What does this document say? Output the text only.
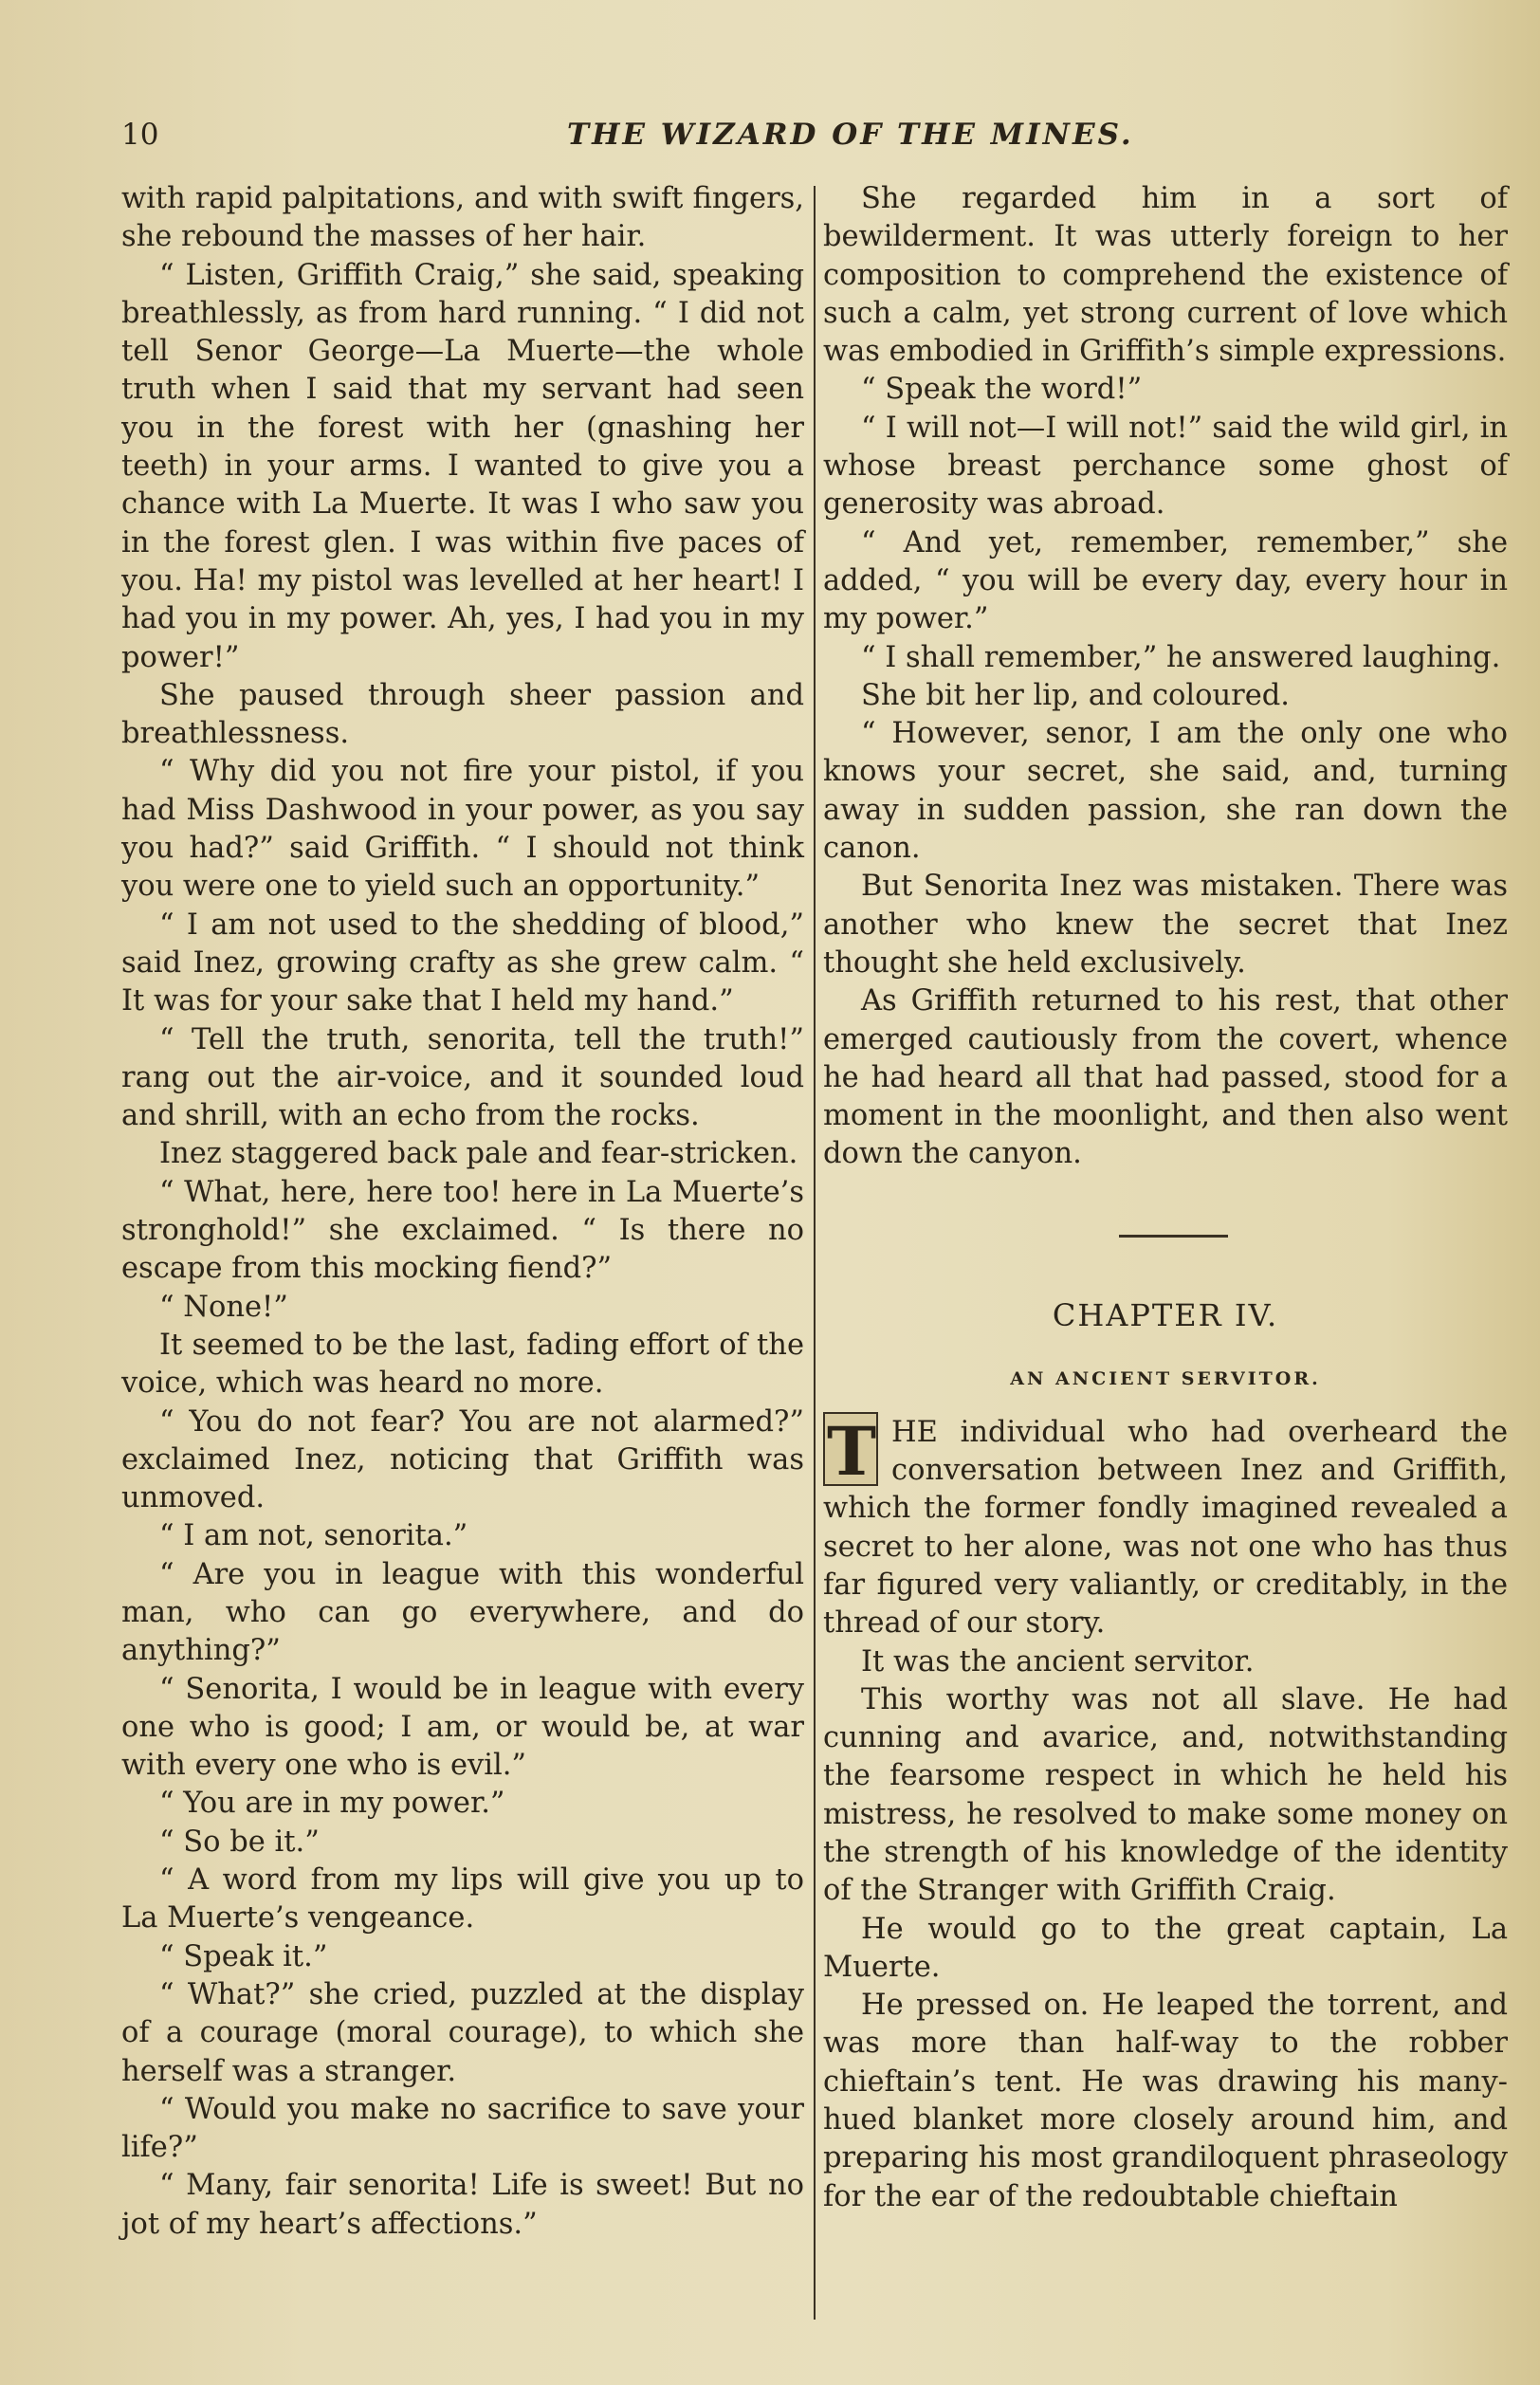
10	THE WIZARD OF THE MINES.

with rapid palpitations, and with swift fingers, she rebound the masses of her hair.

“ Listen, Griffith Craig,” she said, speaking breathlessly, as from hard running. “ I did not tell Senor George—La Muerte—the whole truth when I said that my servant had seen you in the forest with her (gnashing her teeth) in your arms. I wanted to give you a chance with La Muerte. It was I who saw you in the forest glen. I was within five paces of you. Ha! my pistol was levelled at her heart! I had you in my power. Ah, yes, I had you in my power!”

She paused through sheer passion and breathlessness.

“ Why did you not fire your pistol, if you had Miss Dashwood in your power, as you say you had?” said Griffith. “ I should not think you were one to yield such an opportunity.”

“ I am not used to the shedding of blood,” said Inez, growing crafty as she grew calm. “ It was for your sake that I held my hand.”

“ Tell the truth, senorita, tell the truth!” rang out the air-voice, and it sounded loud and shrill, with an echo from the rocks.

Inez staggered back pale and fear-stricken.

“ What, here, here too! here in La Muerte’s stronghold!” she exclaimed. “ Is there no escape from this mocking fiend?”

“ None!”

It seemed to be the last, fading effort of the voice, which was heard no more.

“ You do not fear? You are not alarmed?” exclaimed Inez, noticing that Griffith was unmoved.

“ I am not, senorita.”

“ Are you in league with this wonderful man, who can go everywhere, and do anything?”

“ Senorita, I would be in league with every one who is good; I am, or would be, at war with every one who is evil.”

“ You are in my power.”

“ So be it.”

“ A word from my lips will give you up to La Muerte’s vengeance.

“ Speak it.”

“ What?” she cried, puzzled at the display of a courage (moral courage), to which she herself was a stranger.

“ Would you make no sacrifice to save your life?”

“ Many, fair senorita! Life is sweet! But no jot of my heart’s affections.”

She regarded him in a sort of bewilderment. It was utterly foreign to her composition to comprehend the existence of such a calm, yet strong current of love which was embodied in Griffith’s simple expressions.

“ Speak the word!”

“ I will not—I will not!” said the wild girl, in whose breast perchance some ghost of generosity was abroad.

“ And yet, remember, remember,” she added, “ you will be every day, every hour in my power.”

“ I shall remember,” he answered laughing.

She bit her lip, and coloured.

“ However, senor, I am the only one who knows your secret, she said, and, turning away in sudden passion, she ran down the canon.

But Senorita Inez was mistaken. There was another who knew the secret that Inez thought she held exclusively.

As Griffith returned to his rest, that other emerged cautiously from the covert, whence he had heard all that had passed, stood for a moment in the moonlight, and then also went down the canyon.

CHAPTER IV.
AN ANCIENT SERVITOR.

T HE individual who had overheard the conversation between Inez and Griffith, which the former fondly imagined revealed a secret to her alone, was not one who has thus far figured very valiantly, or creditably, in the thread of our story.

It was the ancient servitor.

This worthy was not all slave. He had cunning and avarice, and, notwithstanding the fearsome respect in which he held his mistress, he resolved to make some money on the strength of his knowledge of the identity of the Stranger with Griffith Craig.

He would go to the great captain, La Muerte.

He pressed on. He leaped the torrent, and was more than half-way to the robber chieftain’s tent. He was drawing his many-hued blanket more closely around him, and preparing his most grandiloquent phraseology for the ear of the redoubtable chieftain
